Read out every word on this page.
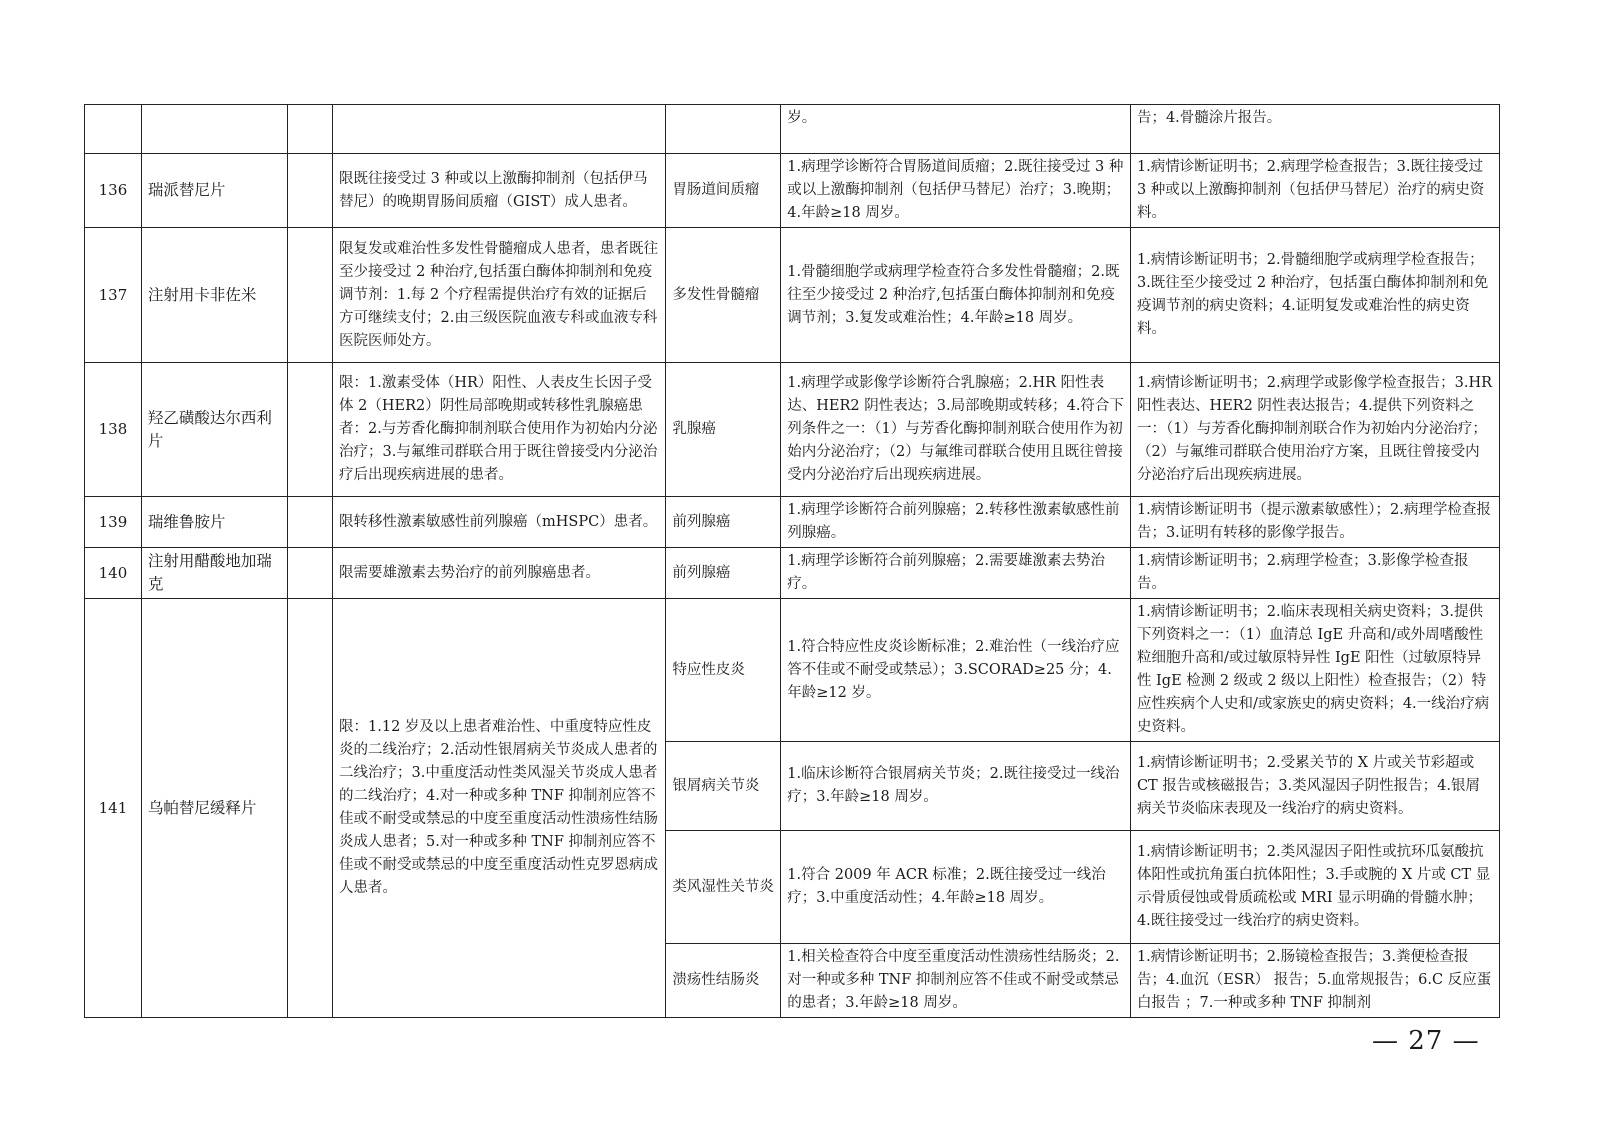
					岁。	告；4.骨髓涂片报告。
136	瑞派替尼片		限既往接受过 3 种或以上激酶抑制剂（包括伊马替尼）的晚期胃肠间质瘤（GIST）成人患者。	胃肠道间质瘤	1.病理学诊断符合胃肠道间质瘤；2.既往接受过 3 种或以上激酶抑制剂（包括伊马替尼）治疗；3.晚期；4.年龄≥18 周岁。	1.病情诊断证明书；2.病理学检查报告；3.既往接受过 3 种或以上激酶抑制剂（包括伊马替尼）治疗的病史资料。
137	注射用卡非佐米		限复发或难治性多发性骨髓瘤成人患者，患者既往至少接受过 2 种治疗,包括蛋白酶体抑制剂和免疫调节剂：1.每 2 个疗程需提供治疗有效的证据后方可继续支付；2.由三级医院血液专科或血液专科医院医师处方。	多发性骨髓瘤	1.骨髓细胞学或病理学检查符合多发性骨髓瘤；2.既往至少接受过 2 种治疗,包括蛋白酶体抑制剂和免疫调节剂；3.复发或难治性；4.年龄≥18 周岁。	1.病情诊断证明书；2.骨髓细胞学或病理学检查报告；3.既往至少接受过 2 种治疗，包括蛋白酶体抑制剂和免疫调节剂的病史资料；4.证明复发或难治性的病史资料。
138	羟乙磺酸达尔西利片		限：1.激素受体（HR）阳性、人表皮生长因子受体 2（HER2）阴性局部晚期或转移性乳腺癌患者：2.与芳香化酶抑制剂联合使用作为初始内分泌治疗；3.与氟维司群联合用于既往曾接受内分泌治疗后出现疾病进展的患者。	乳腺癌	1.病理学或影像学诊断符合乳腺癌；2.HR 阳性表达、HER2 阴性表达；3.局部晚期或转移；4.符合下列条件之一：（1）与芳香化酶抑制剂联合使用作为初始内分泌治疗；（2）与氟维司群联合使用且既往曾接受内分泌治疗后出现疾病进展。	1.病情诊断证明书；2.病理学或影像学检查报告；3.HR 阳性表达、HER2 阴性表达报告；4.提供下列资料之一：（1）与芳香化酶抑制剂联合作为初始内分泌治疗；（2）与氟维司群联合使用治疗方案，且既往曾接受内分泌治疗后出现疾病进展。
139	瑞维鲁胺片		限转移性激素敏感性前列腺癌（mHSPC）患者。	前列腺癌	1.病理学诊断符合前列腺癌；2.转移性激素敏感性前列腺癌。	1.病情诊断证明书（提示激素敏感性）；2.病理学检查报告；3.证明有转移的影像学报告。
140	注射用醋酸地加瑞克		限需要雄激素去势治疗的前列腺癌患者。	前列腺癌	1.病理学诊断符合前列腺癌；2.需要雄激素去势治疗。	1.病情诊断证明书；2.病理学检查；3.影像学检查报告。
141	乌帕替尼缓释片		限：1.12 岁及以上患者难治性、中重度特应性皮炎的二线治疗；2.活动性银屑病关节炎成人患者的二线治疗；3.中重度活动性类风湿关节炎成人患者的二线治疗；4.对一种或多种 TNF 抑制剂应答不佳或不耐受或禁忌的中度至重度活动性溃疡性结肠炎成人患者；5.对一种或多种 TNF 抑制剂应答不佳或不耐受或禁忌的中度至重度活动性克罗恩病成人患者。	特应性皮炎	1.符合特应性皮炎诊断标准；2.难治性（一线治疗应答不佳或不耐受或禁忌）；3.SCORAD≥25 分；4.年龄≥12 岁。	1.病情诊断证明书；2.临床表现相关病史资料；3.提供下列资料之一：（1）血清总 IgE 升高和/或外周嗜酸性粒细胞升高和/或过敏原特异性 IgE 阳性（过敏原特异性 IgE 检测 2 级或 2 级以上阳性）检查报告；（2）特应性疾病个人史和/或家族史的病史资料；4.一线治疗病史资料。
				银屑病关节炎	1.临床诊断符合银屑病关节炎；2.既往接受过一线治疗；3.年龄≥18 周岁。	1.病情诊断证明书；2.受累关节的 X 片或关节彩超或 CT 报告或核磁报告；3.类风湿因子阴性报告；4.银屑病关节炎临床表现及一线治疗的病史资料。
				类风湿性关节炎	1.符合 2009 年 ACR 标准；2.既往接受过一线治疗；3.中重度活动性；4.年龄≥18 周岁。	1.病情诊断证明书；2.类风湿因子阳性或抗环瓜氨酸抗体阳性或抗角蛋白抗体阳性；3.手或腕的 X 片或 CT 显示骨质侵蚀或骨质疏松或 MRI 显示明确的骨髓水肿；4.既往接受过一线治疗的病史资料。
				溃疡性结肠炎	1.相关检查符合中度至重度活动性溃疡性结肠炎；2.对一种或多种 TNF 抑制剂应答不佳或不耐受或禁忌的患者；3.年龄≥18 周岁。	1.病情诊断证明书；2.肠镜检查报告；3.粪便检查报告；4.血沉（ESR） 报告；5.血常规报告；6.C 反应蛋白报告 ；7.一种或多种 TNF 抑制剂
— 27 —
